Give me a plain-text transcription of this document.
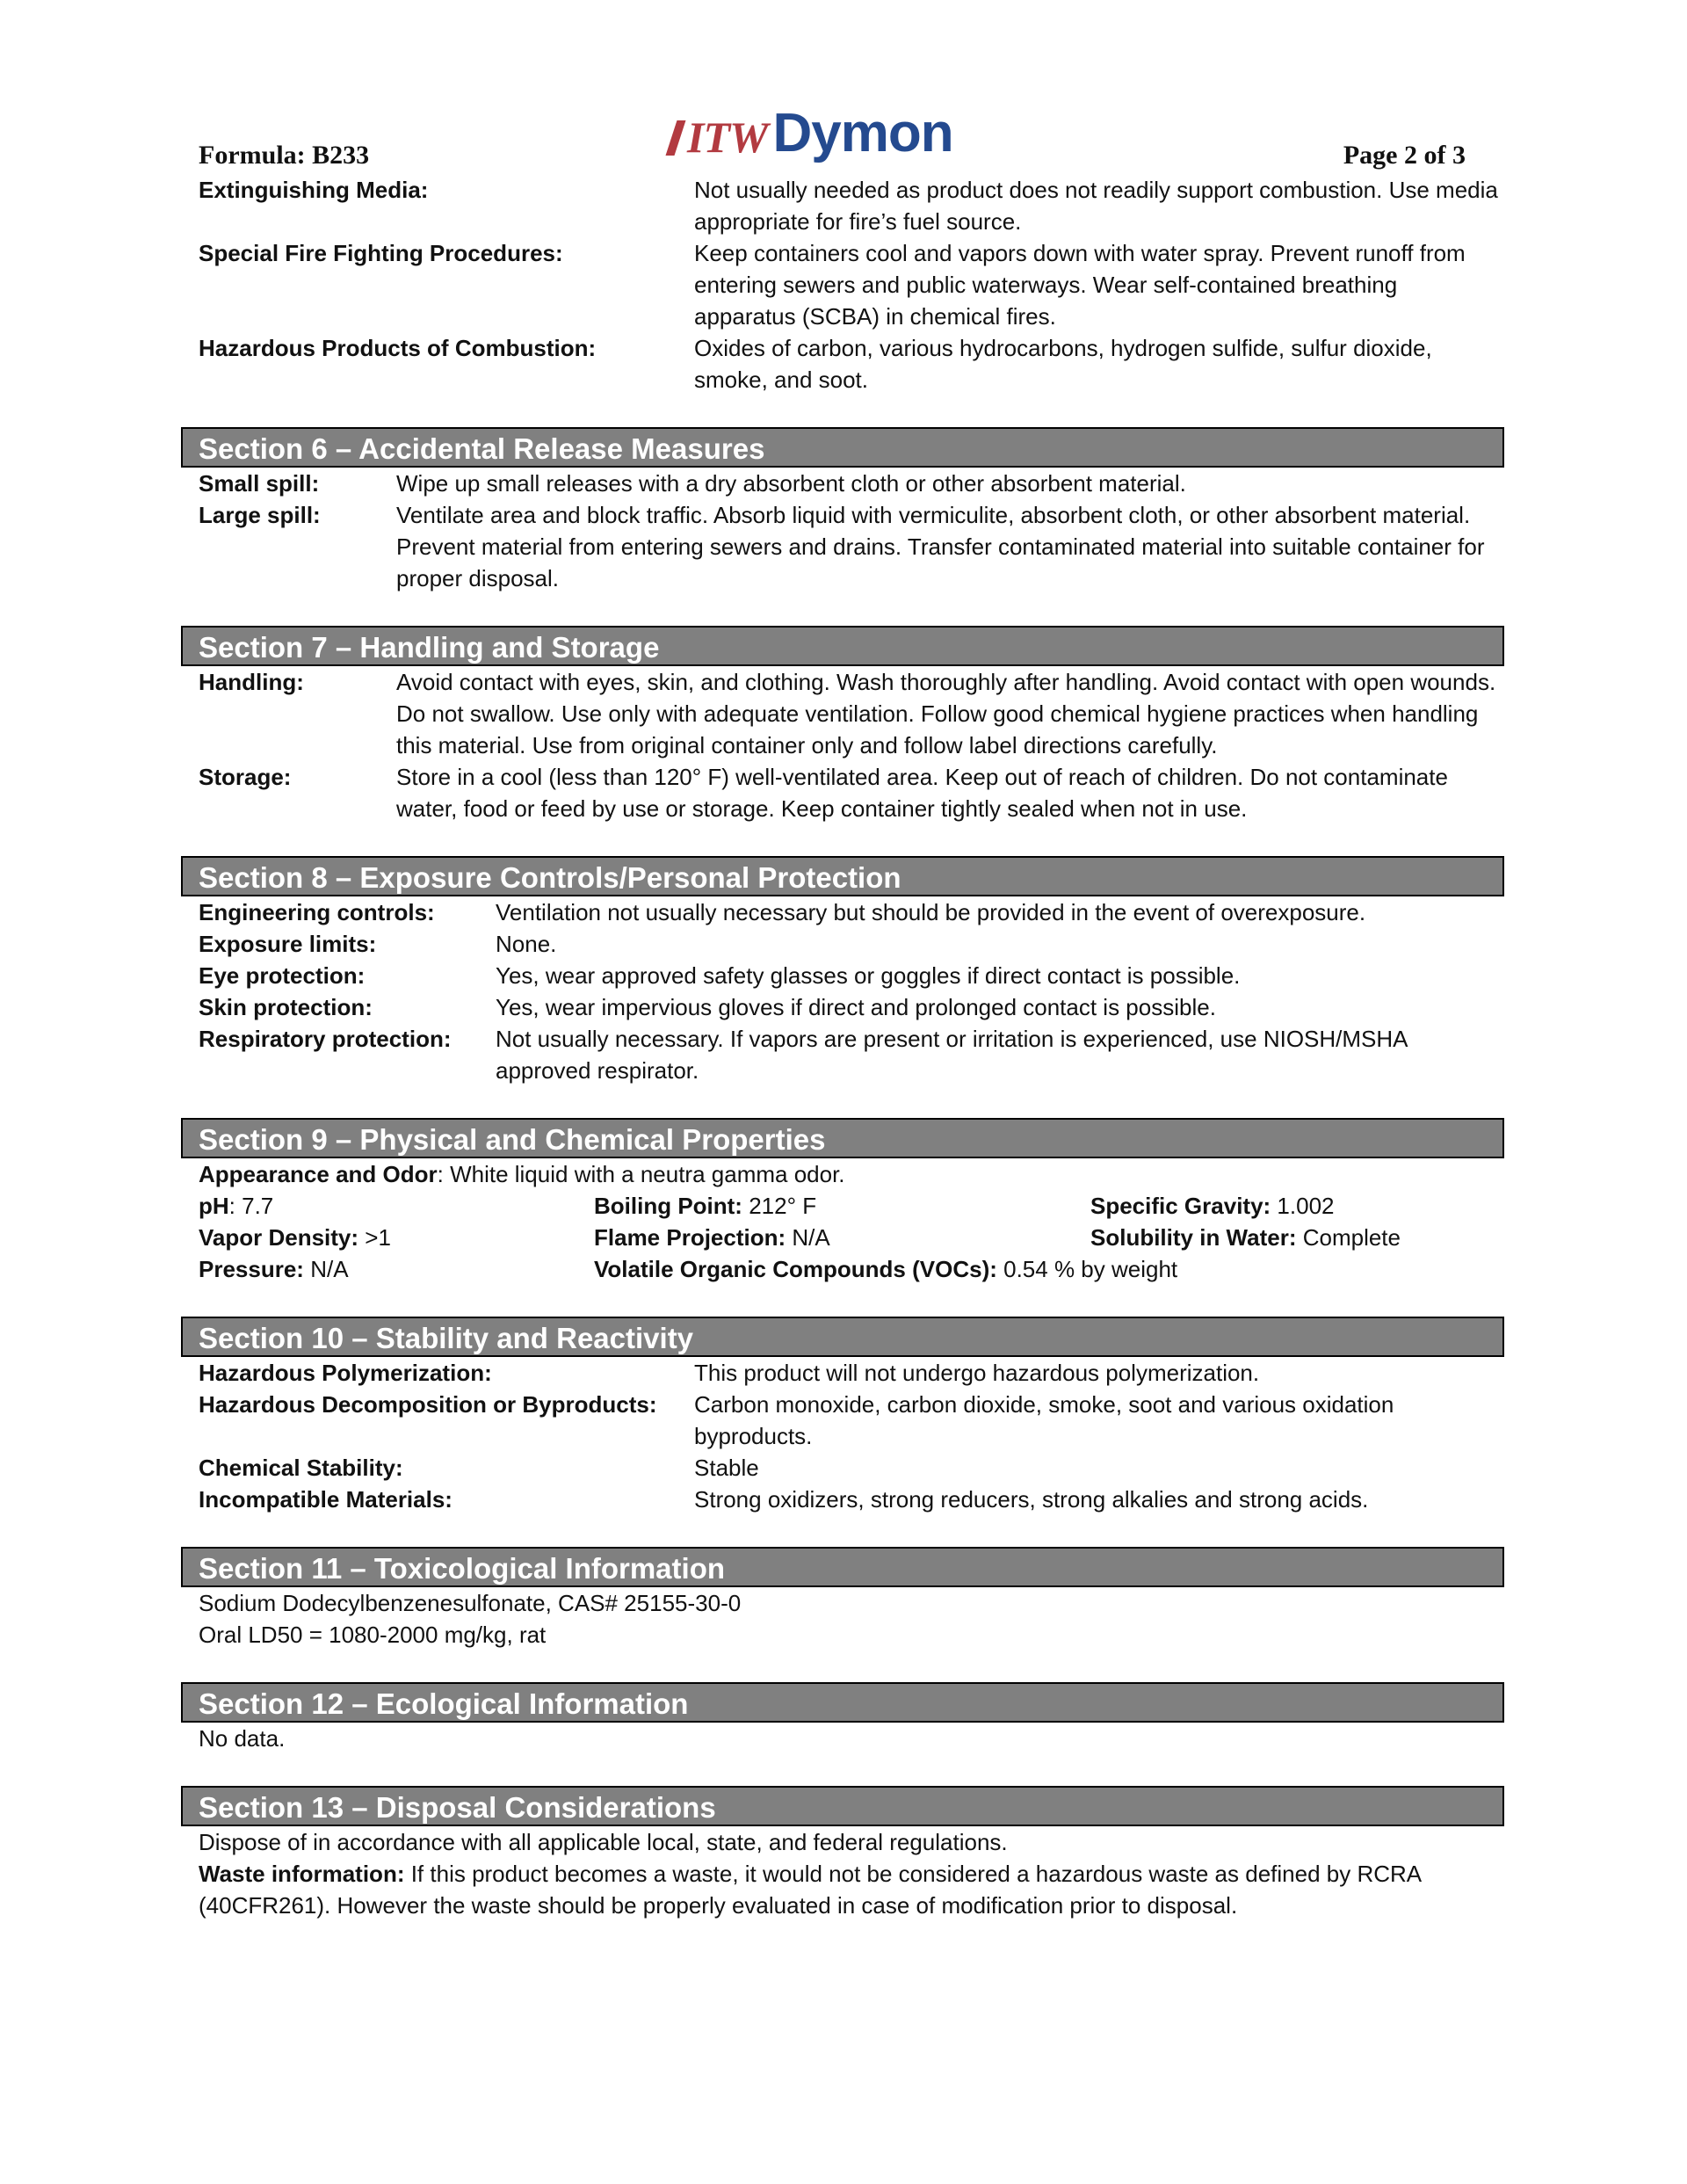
Formula: B233	ITW Dymon	Page 2 of 3
Extinguishing Media:	Not usually needed as product does not readily support combustion. Use media appropriate for fire’s fuel source.
Special Fire Fighting Procedures:	Keep containers cool and vapors down with water spray. Prevent runoff from entering sewers and public waterways. Wear self-contained breathing apparatus (SCBA) in chemical fires.
Hazardous Products of Combustion:	Oxides of carbon, various hydrocarbons, hydrogen sulfide, sulfur dioxide, smoke, and soot.
Section 6 – Accidental Release Measures
Small spill:	Wipe up small releases with a dry absorbent cloth or other absorbent material.
Large spill:	Ventilate area and block traffic. Absorb liquid with vermiculite, absorbent cloth, or other absorbent material. Prevent material from entering sewers and drains. Transfer contaminated material into suitable container for proper disposal.
Section 7 – Handling and Storage
Handling:	Avoid contact with eyes, skin, and clothing. Wash thoroughly after handling. Avoid contact with open wounds. Do not swallow. Use only with adequate ventilation. Follow good chemical hygiene practices when handling this material. Use from original container only and follow label directions carefully.
Storage:	Store in a cool (less than 120° F) well-ventilated area. Keep out of reach of children. Do not contaminate water, food or feed by use or storage. Keep container tightly sealed when not in use.
Section 8 – Exposure Controls/Personal Protection
Engineering controls:	Ventilation not usually necessary but should be provided in the event of overexposure.
Exposure limits:	None.
Eye protection:	Yes, wear approved safety glasses or goggles if direct contact is possible.
Skin protection:	Yes, wear impervious gloves if direct and prolonged contact is possible.
Respiratory protection:	Not usually necessary. If vapors are present or irritation is experienced, use NIOSH/MSHA approved respirator.
Section 9 – Physical and Chemical Properties
Appearance and Odor: White liquid with a neutra gamma odor.
pH: 7.7	Boiling Point: 212° F	Specific Gravity: 1.002
Vapor Density: >1	Flame Projection: N/A	Solubility in Water: Complete
Pressure: N/A	Volatile Organic Compounds (VOCs): 0.54 % by weight
Section 10 – Stability and Reactivity
Hazardous Polymerization:	This product will not undergo hazardous polymerization.
Hazardous Decomposition or Byproducts:	Carbon monoxide, carbon dioxide, smoke, soot and various oxidation byproducts.
Chemical Stability:	Stable
Incompatible Materials:	Strong oxidizers, strong reducers, strong alkalies and strong acids.
Section 11 – Toxicological Information
Sodium Dodecylbenzenesulfonate, CAS# 25155-30-0
Oral LD50 = 1080-2000 mg/kg, rat
Section 12 – Ecological Information
No data.
Section 13 – Disposal Considerations
Dispose of in accordance with all applicable local, state, and federal regulations.
Waste information: If this product becomes a waste, it would not be considered a hazardous waste as defined by RCRA (40CFR261). However the waste should be properly evaluated in case of modification prior to disposal.
